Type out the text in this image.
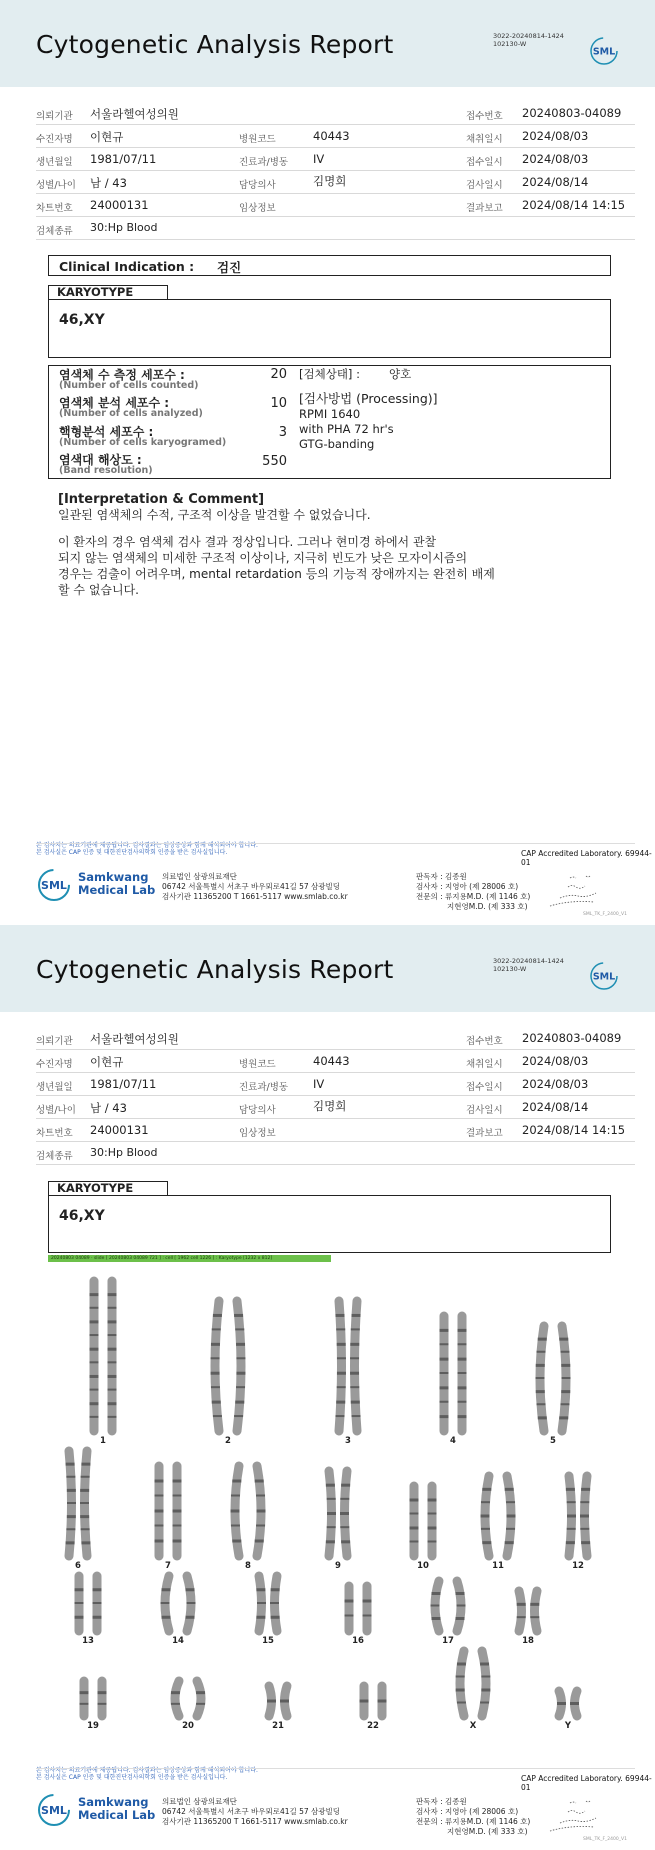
Cytogenetic Analysis Report	3022-20240814-1424
102130-W
SML
의뢰기관 서울라헬여성의원	접수번호 20240803-04089
수진자명 이현규	병원코드	40443	채취일시 2024/08/03
생년월일 1981/07/11	진료과/병동 IV	접수일시 2024/08/03
성별/나이 남 / 43	담당의사	김명희	검사일시 2024/08/14
차트번호 24000131	임상정보	결과보고 2024/08/14 14:15
검체종류 30:Hp Blood
Clinical Indication : 검진
KARYOTYPE
46,XY
염색체 수 측정 세포수 :
(Number of cells counted)
20
염색체 분석 세포수 :
(Number of cells analyzed)
10
핵형분석 세포수 :
(Number of cells karyogramed)
3
염색대 해상도 :
(Band resolution)
550
[검체상태] :	양호
[검사방법 (Processing)]
RPMI 1640
with PHA 72 hr's
GTG-banding
[Interpretation & Comment]

일관된 염색체의 수적, 구조적 이상을 발견할 수 없었습니다.

이 환자의 경우 염색체 검사 결과 정상입니다. 그러나 현미경 하에서 관찰

되지 않는 염색체의 미세한 구조적 이상이나, 지극히 빈도가 낮은 모자이시즘의

경우는 검출이 어려우며, mental retardation 등의 기능적 장애까지는 완전히 배제

할 수 없습니다.

본 검사지는 의료기관에 제공됩니다. 검사결과는 임상증상과 함께 해석되어야 합니다.
본 검사실은 CAP 인증 및 대한진단검사의학회 인증을 받은 검사실입니다.	CAP Accredited Laboratory. 69944-01
SML
Samkwang
Medical Lab
의료법인 삼광의료재단
06742 서울특별시 서초구 바우뫼로41길 57 삼광빌딩
검사기관 11365200 T 1661-5117 www.smlab.co.kr
판독자 : 김종원
검사자 : 지영아 (제 28006 호)
전문의 : 류지용M.D. (제 1146 호)
지현영M.D. (제 333 호)
SML_TK_F_2400_V1
Cytogenetic Analysis Report	3022-20240814-1424
102130-W
SML
의뢰기관 서울라헬여성의원	접수번호 20240803-04089
수진자명 이현규	병원코드	40443	채취일시 2024/08/03
생년월일 1981/07/11	진료과/병동 IV	접수일시 2024/08/03
성별/나이 남 / 43	담당의사	김명희	검사일시 2024/08/14
차트번호 24000131	임상정보	결과보고 2024/08/14 14:15
검체종류 30:Hp Blood
KARYOTYPE
46,XY
20240803 04089 · slide [ 20240803 04089 721 ] : cell [ 1962 cell 1226 ] : Karyotype [1232 x 812]
본 검사지는 의료기관에 제공됩니다. 검사결과는 임상증상과 함께 해석되어야 합니다.
본 검사실은 CAP 인증 및 대한진단검사의학회 인증을 받은 검사실입니다.	CAP Accredited Laboratory. 69944-01
SML
Samkwang
Medical Lab
의료법인 삼광의료재단
06742 서울특별시 서초구 바우뫼로41길 57 삼광빌딩
검사기관 11365200 T 1661-5117 www.smlab.co.kr
판독자 : 김종원
검사자 : 지영아 (제 28006 호)
전문의 : 류지용M.D. (제 1146 호)
지현영M.D. (제 333 호)
SML_TK_F_2400_V1
1	2	3	4	5
6	7	8	9	10	11	12
13	14	15	16	17	18
19	20	21	22	X	Y
